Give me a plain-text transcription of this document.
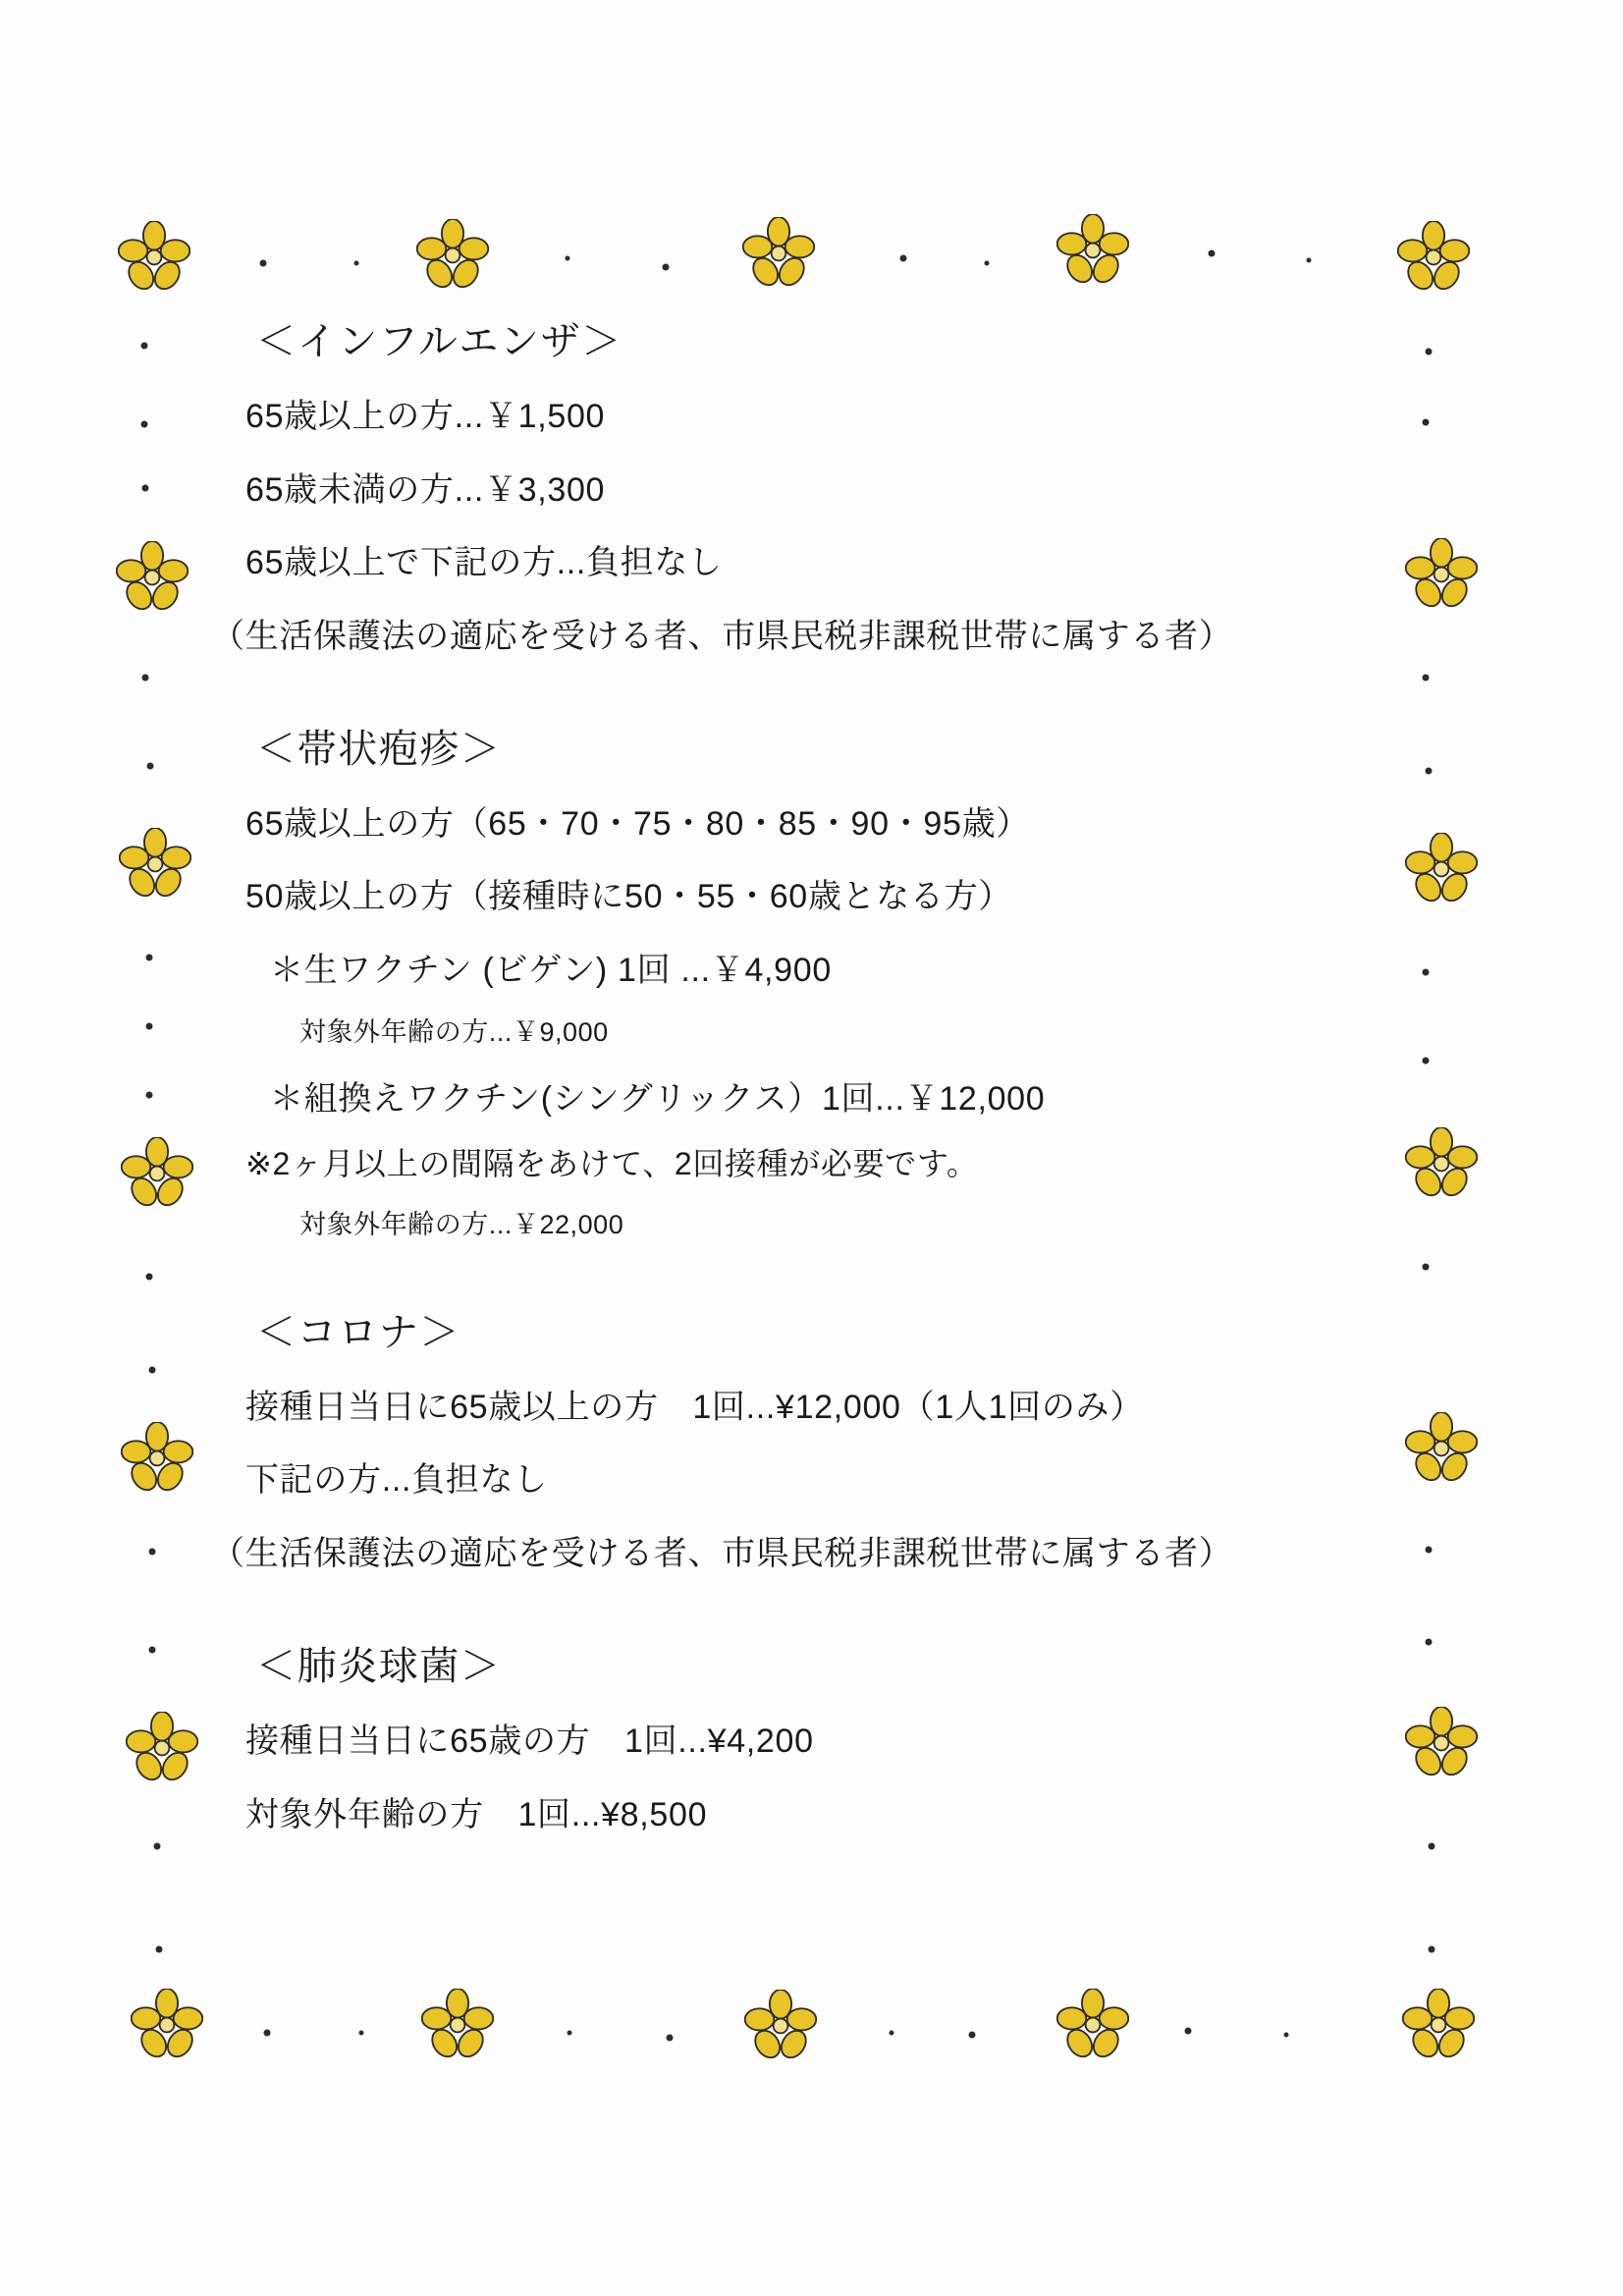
＜インフルエンザ＞

65歳以上の方...￥1,500

65歳未満の方...￥3,300

65歳以上で下記の方...負担なし

（生活保護法の適応を受ける者、市県民税非課税世帯に属する者）

＜帯状疱疹＞

65歳以上の方（65・70・75・80・85・90・95歳）

50歳以上の方（接種時に50・55・60歳となる方）

＊生ワクチン (ビゲン) 1回 ...￥4,900

対象外年齢の方...￥9,000

＊組換えワクチン(シングリックス）1回...￥12,000

※2ヶ月以上の間隔をあけて、2回接種が必要です。

対象外年齢の方...￥22,000

＜コロナ＞

接種日当日に65歳以上の方　1回...¥12,000（1人1回のみ）

下記の方...負担なし

（生活保護法の適応を受ける者、市県民税非課税世帯に属する者）

＜肺炎球菌＞

接種日当日に65歳の方　1回...¥4,200

対象外年齢の方　1回...¥8,500
